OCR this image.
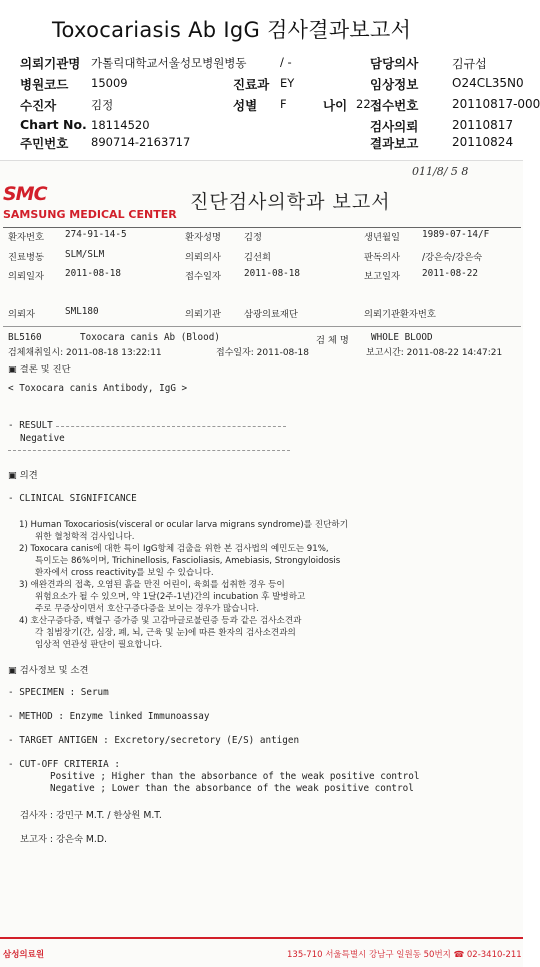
Toxocariasis Ab IgG 검사결과보고서
의뢰기관명 가톨릭대학교서울성모병원병동	/ -	담당의사	김규섭
병원코드 15009	진료과 EY	임상정보	O24CL35N0
수진자	김정	성별 F	나이 22 접수번호	20110817-000
Chart No. 18114520	검사의뢰	20110817
주민번호 890714-2163717	결과보고	20110824
011/8/ 5 8
SMC
SAMSUNG MEDICAL CENTER
진단검사의학과 보고서
환자번호 274-91-14-5	환자성명 김정	생년월일 1989-07-14/F
진료병동 SLM/SLM	의뢰의사 김선희	판독의사 /강은숙/강은숙
의뢰일자 2011-08-18	접수일자 2011-08-18	보고일자 2011-08-22
의뢰자	SML180	의뢰기관 삼광의료재단	의뢰기관환자번호
BL5160	Toxocara canis Ab (Blood)	검 체 명 WHOLE BLOOD
검체채취일시: 2011-08-18 13:22:11	접수일자: 2011-08-18	보고시간: 2011-08-22 14:47:21
▣ 결론 및 진단
< Toxocara canis Antibody, IgG >
- RESULT
Negative
▣ 의견
- CLINICAL SIGNIFICANCE
1) Human Toxocariosis(visceral or ocular larva migrans syndrome)를 진단하기
위한 혈청학적 검사입니다.
2) Toxocara canis에 대한 특이 IgG항체 검출을 위한 본 검사법의 예민도는 91%,
특이도는 86%이며, Trichinellosis, Fascioliasis, Amebiasis, Strongyloidosis
환자에서 cross reactivity를 보일 수 있습니다.
3) 애완견과의 접촉, 오염된 흙을 만진 어린이, 육회를 섭취한 경우 등이
위험요소가 될 수 있으며, 약 1달(2주-1년)간의 incubation 후 발병하고
주로 무증상이면서 호산구증다증을 보이는 경우가 많습니다.
4) 호산구증다증, 백혈구 증가증 및 고감마글로불린증 등과 같은 검사소견과
각 침범장기(간, 심장, 폐, 뇌, 근육 및 눈)에 따른 환자의 검사소견과의
임상적 연관성 판단이 필요합니다.
▣ 검사정보 및 소견
- SPECIMEN : Serum
- METHOD : Enzyme linked Immunoassay
- TARGET ANTIGEN : Excretory/secretory (E/S) antigen
- CUT-OFF CRITERIA :
Positive ; Higher than the absorbance of the weak positive control
Negative ; Lower than the absorbance of the weak positive control
검사자 : 강민구 M.T. / 한상원 M.T.
보고자 : 강은숙 M.D.
삼성의료원	135-710 서울특별시 강남구 일원동 50번지 ☎ 02-3410-211
